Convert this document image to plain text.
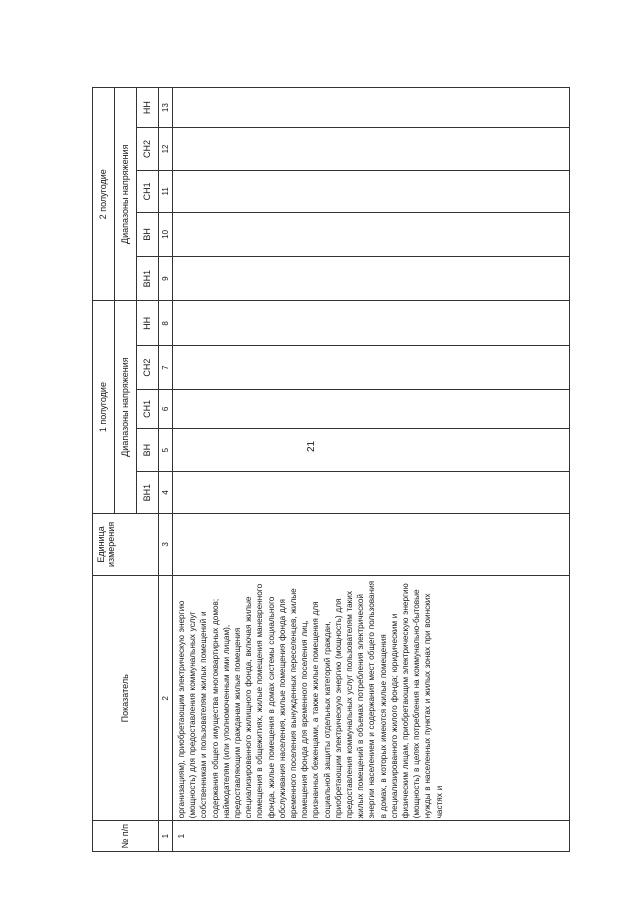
21
№ п/п	Показатель	Единица измерения	1 полугодие					2 полугодие				
			Диапазоны напряжения					Диапазоны напряжения				
			ВН1	ВН	СН1	СН2	НН	ВН1	ВН	СН1	СН2	НН
1	2	3	4	5	6	7	8	9	10	11	12	13
1	организациям), приобретающим электрическую энергию (мощность) для предоставления коммунальных услуг собственникам и пользователям жилых помещений и содержания общего имущества многоквартирных домов; наймодателям (или уполномоченным ими лицам), предоставляющим гражданам жилые помещения специализированного жилищного фонда, включая жилые помещения в общежитиях, жилые помещения маневренного фонда, жилые помещения в домах системы социального обслуживания населения, жилые помещения фонда для временного поселения вынужденных переселенцев, жилые помещения фонда для временного поселения лиц, признанных беженцами, а также жилые помещения для социальной защиты отдельных категорий граждан, приобретающим электрическую энергию (мощность) для предоставления коммунальных услуг пользователям таких жилых помещений в объемах потребления электрической энергии населением и содержания мест общего пользования в домах, в которых имеются жилые помещения специализированного жилого фонда; юридическим и физическим лицам, приобретающим электрическую энергию (мощность) в целях потребления на коммунально-бытовые нужды в населенных пунктах и жилых зонах при воинских частях и											
